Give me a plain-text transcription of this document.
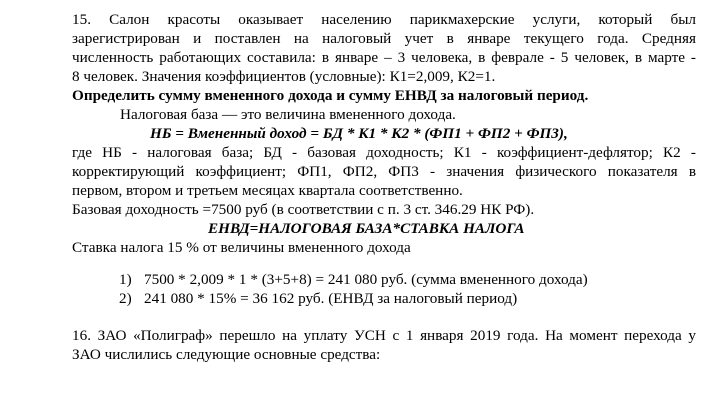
15. Салон красоты оказывает населению парикмахерские услуги, который был
зарегистрирован и поставлен на налоговый учет в январе текущего года. Средняя
численность работающих составила: в январе – 3 человека, в феврале - 5 человек, в марте -
8 человек. Значения коэффициентов (условные): К1=2,009, К2=1.
Определить сумму вмененного дохода и сумму ЕНВД за налоговый период.
Налоговая база — это величина вмененного дохода.
НБ = Вмененный доход = БД * К1 * К2 * (ФП1 + ФП2 + ФП3),
где НБ - налоговая база; БД - базовая доходность; К1 - коэффициент-дефлятор; К2 -
корректирующий коэффициент; ФП1, ФП2, ФП3 - значения физического показателя в
первом, втором и третьем месяцах квартала соответственно.
Базовая доходность =7500 руб (в соответствии с п. 3 ст. 346.29 НК РФ).
ЕНВД=НАЛОГОВАЯ БАЗА*СТАВКА НАЛОГА
Ставка налога 15 % от величины вмененного дохода
1) 7500 * 2,009 * 1 * (3+5+8) = 241 080 руб. (сумма вмененного дохода)
2) 241 080 * 15% = 36 162 руб. (ЕНВД за налоговый период)
16. ЗАО «Полиграф» перешло на уплату УСН с 1 января 2019 года. На момент перехода у
ЗАО числились следующие основные средства:
